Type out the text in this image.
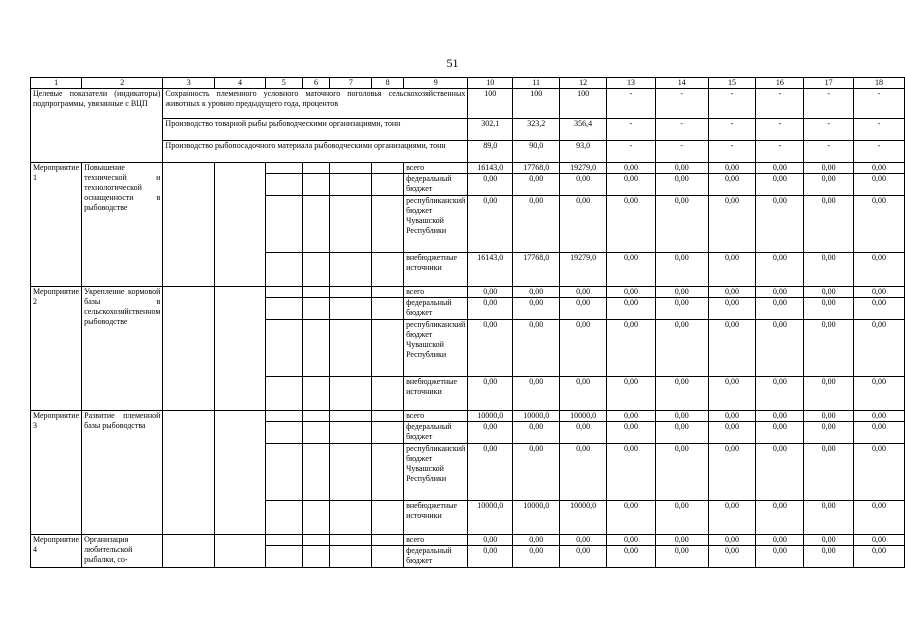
51
1	2	3	4	5	6	7	8	9	10	11	12	13	14	15	16	17	18
Целевые показатели (индикаторы) подпрограммы, увязанные с ВЦП		Сохранность племенного условного маточного поголовья сельскохозяйственных животных к уровню предыдущего года, процентов							100	100	100	-	-	-	-	-	-
		Производство товарной рыбы рыбоводческими организациями, тонн							302,1	323,2	356,4	-	-	-	-	-	-
		Производство рыбопосадочного материала рыбоводческими организациями, тонн							89,0	90,0	93,0	-	-	-	-	-	-
Мероприятие 1	Повышение технической и технологической оснащенности в рыбоводстве							всего	16143,0	17768,0	19279,0	0,00	0,00	0,00	0,00	0,00	0,00
								федеральный бюджет	0,00	0,00	0,00	0,00	0,00	0,00	0,00	0,00	0,00
								республиканский бюджет Чувашской Республики	0,00	0,00	0,00	0,00	0,00	0,00	0,00	0,00	0,00
								внебюджетные источники	16143,0	17768,0	19279,0	0,00	0,00	0,00	0,00	0,00	0,00
Мероприятие 2	Укрепление кормовой базы в сельскохозяйственном рыбоводстве							всего	0,00	0,00	0,00	0,00	0,00	0,00	0,00	0,00	0,00
								федеральный бюджет	0,00	0,00	0,00	0,00	0,00	0,00	0,00	0,00	0,00
								республиканский бюджет Чувашской Республики	0,00	0,00	0,00	0,00	0,00	0,00	0,00	0,00	0,00
								внебюджетные источники	0,00	0,00	0,00	0,00	0,00	0,00	0,00	0,00	0,00
Мероприятие 3	Развитие племенной базы рыбоводства							всего	10000,0	10000,0	10000,0	0,00	0,00	0,00	0,00	0,00	0,00
								федеральный бюджет	0,00	0,00	0,00	0,00	0,00	0,00	0,00	0,00	0,00
								республиканский бюджет Чувашской Республики	0,00	0,00	0,00	0,00	0,00	0,00	0,00	0,00	0,00
								внебюджетные источники	10000,0	10000,0	10000,0	0,00	0,00	0,00	0,00	0,00	0,00
Мероприятие 4	Организация любительской рыбалки, со-							всего	0,00	0,00	0,00	0,00	0,00	0,00	0,00	0,00	0,00
								федеральный бюджет	0,00	0,00	0,00	0,00	0,00	0,00	0,00	0,00	0,00
